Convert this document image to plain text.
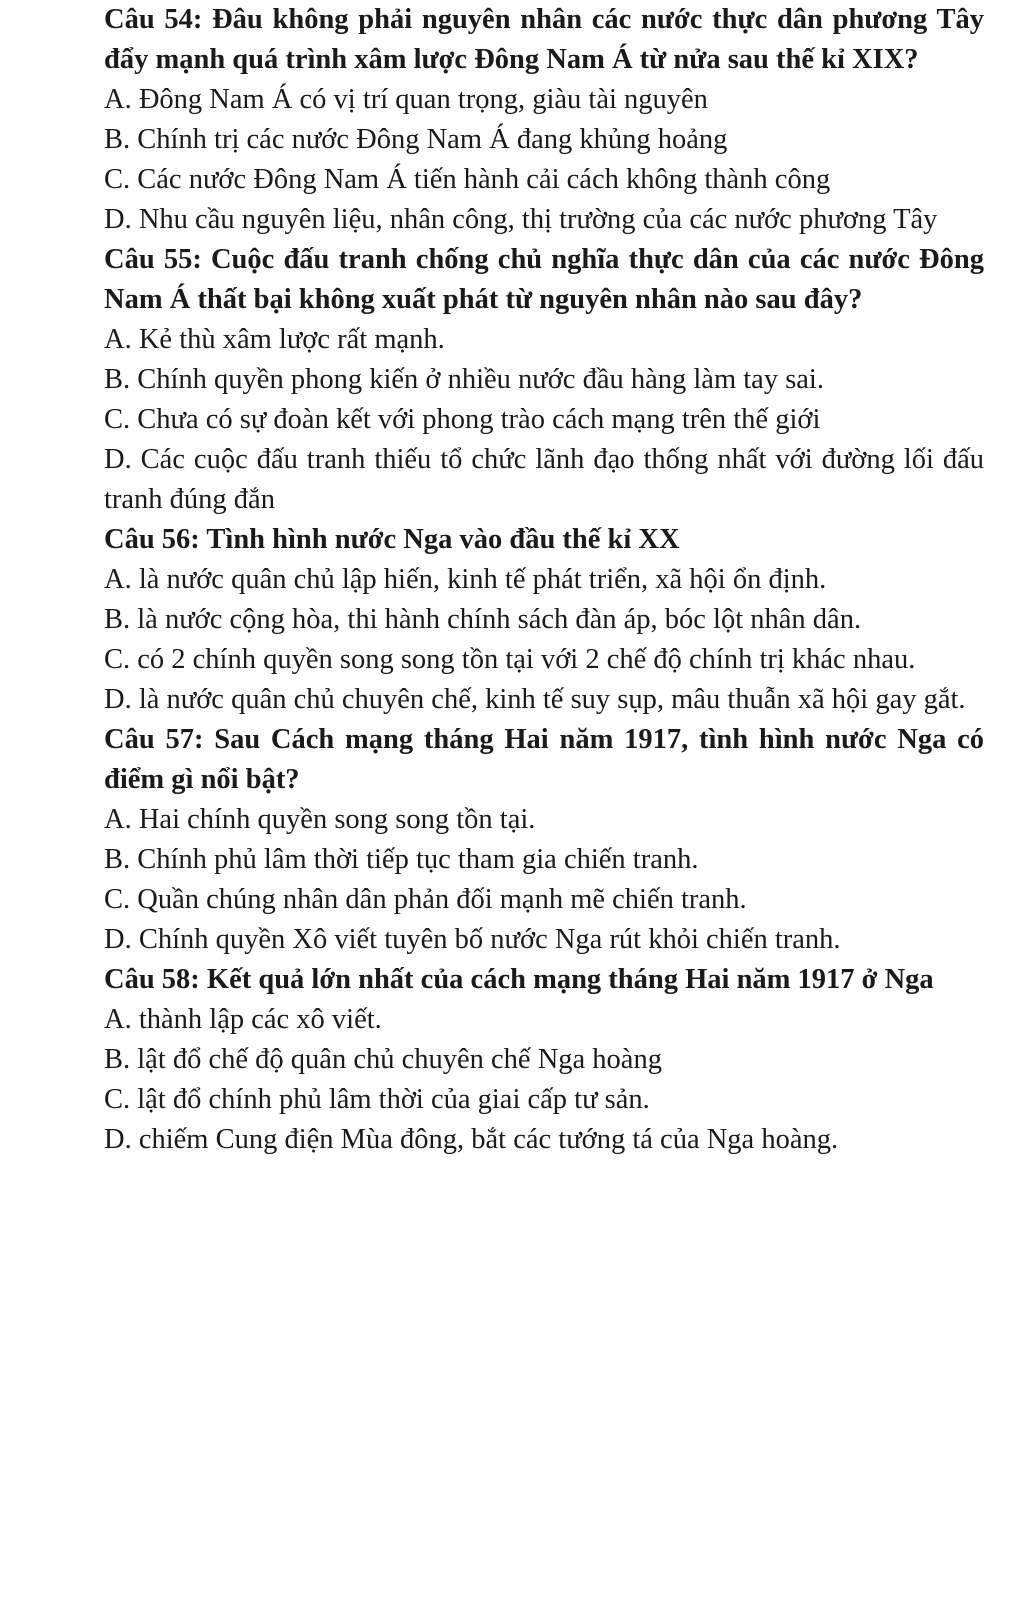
Câu 54: Đâu không phải nguyên nhân các nước thực dân phương Tây đẩy mạnh quá trình xâm lược Đông Nam Á từ nửa sau thế kỉ XIX?
A. Đông Nam Á có vị trí quan trọng, giàu tài nguyên
B. Chính trị các nước Đông Nam Á đang khủng hoảng
C. Các nước Đông Nam Á tiến hành cải cách không thành công
D. Nhu cầu nguyên liệu, nhân công, thị trường của các nước phương Tây
Câu 55: Cuộc đấu tranh chống chủ nghĩa thực dân của các nước Đông Nam Á thất bại không xuất phát từ nguyên nhân nào sau đây?
A. Kẻ thù xâm lược rất mạnh.
B. Chính quyền phong kiến ở nhiều nước đầu hàng làm tay sai.
C. Chưa có sự đoàn kết với phong trào cách mạng trên thế giới
D. Các cuộc đấu tranh thiếu tổ chức lãnh đạo thống nhất với đường lối đấu tranh đúng đắn
Câu 56: Tình hình nước Nga vào đầu thế kỉ XX
A. là nước quân chủ lập hiến, kinh tế phát triển, xã hội ổn định.
B. là nước cộng hòa, thi hành chính sách đàn áp, bóc lột nhân dân.
C. có 2 chính quyền song song tồn tại với 2 chế độ chính trị khác nhau.
D. là nước quân chủ chuyên chế, kinh tế suy sụp, mâu thuẫn xã hội gay gắt.
Câu 57: Sau Cách mạng tháng Hai năm 1917, tình hình nước Nga có điểm gì nổi bật?
A. Hai chính quyền song song tồn tại.
B. Chính phủ lâm thời tiếp tục tham gia chiến tranh.
C. Quần chúng nhân dân phản đối mạnh mẽ chiến tranh.
D. Chính quyền Xô viết tuyên bố nước Nga rút khỏi chiến tranh.
Câu 58: Kết quả lớn nhất của cách mạng tháng Hai năm 1917 ở Nga
A. thành lập các xô viết.
B. lật đổ chế độ quân chủ chuyên chế Nga hoàng
C. lật đổ chính phủ lâm thời của giai cấp tư sản.
D. chiếm Cung điện Mùa đông, bắt các tướng tá của Nga hoàng.
